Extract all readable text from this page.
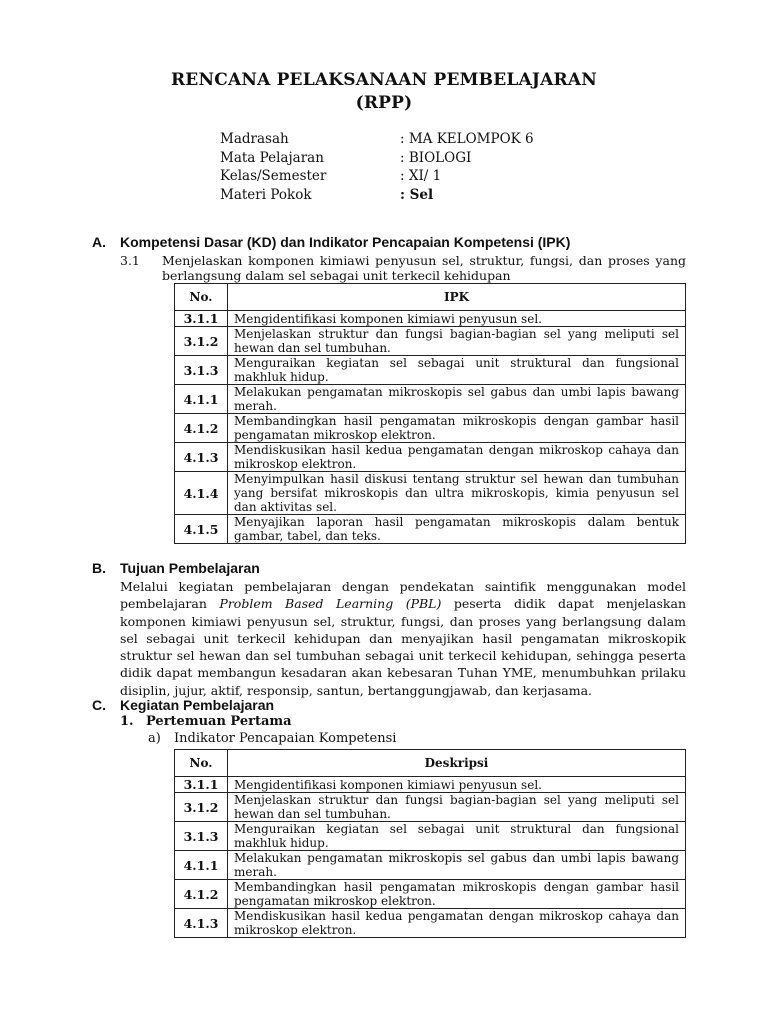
RENCANA PELAKSANAAN PEMBELAJARAN
(RPP)
Madrasah	: MA KELOMPOK 6
Mata Pelajaran	: BIOLOGI
Kelas/Semester	: XI/ 1
Materi Pokok	: Sel
A. Kompetensi Dasar (KD) dan Indikator Pencapaian Kompetensi (IPK)
3.1 Menjelaskan komponen kimiawi penyusun sel, struktur, fungsi, dan proses yang berlangsung dalam sel sebagai unit terkecil kehidupan
No.	IPK
3.1.1	Mengidentifikasi komponen kimiawi penyusun sel.
3.1.2	Menjelaskan struktur dan fungsi bagian-bagian sel yang meliputi sel hewan dan sel tumbuhan.
3.1.3	Menguraikan kegiatan sel sebagai unit struktural dan fungsional makhluk hidup.
4.1.1	Melakukan pengamatan mikroskopis sel gabus dan umbi lapis bawang merah.
4.1.2	Membandingkan hasil pengamatan mikroskopis dengan gambar hasil pengamatan mikroskop elektron.
4.1.3	Mendiskusikan hasil kedua pengamatan dengan mikroskop cahaya dan mikroskop elektron.
4.1.4	Menyimpulkan hasil diskusi tentang struktur sel hewan dan tumbuhan yang bersifat mikroskopis dan ultra mikroskopis, kimia penyusun sel dan aktivitas sel.
4.1.5	Menyajikan laporan hasil pengamatan mikroskopis dalam bentuk gambar, tabel, dan teks.
B. Tujuan Pembelajaran
Melalui kegiatan pembelajaran dengan pendekatan saintifik menggunakan model pembelajaran Problem Based Learning (PBL) peserta didik dapat menjelaskan komponen kimiawi penyusun sel, struktur, fungsi, dan proses yang berlangsung dalam sel sebagai unit terkecil kehidupan dan menyajikan hasil pengamatan mikroskopik struktur sel hewan dan sel tumbuhan sebagai unit terkecil kehidupan, sehingga peserta didik dapat membangun kesadaran akan kebesaran Tuhan YME, menumbuhkan prilaku disiplin, jujur, aktif, responsip, santun, bertanggungjawab, dan kerjasama.
C. Kegiatan Pembelajaran
1. Pertemuan Pertama
a) Indikator Pencapaian Kompetensi
No.	Deskripsi
3.1.1	Mengidentifikasi komponen kimiawi penyusun sel.
3.1.2	Menjelaskan struktur dan fungsi bagian-bagian sel yang meliputi sel hewan dan sel tumbuhan.
3.1.3	Menguraikan kegiatan sel sebagai unit struktural dan fungsional makhluk hidup.
4.1.1	Melakukan pengamatan mikroskopis sel gabus dan umbi lapis bawang merah.
4.1.2	Membandingkan hasil pengamatan mikroskopis dengan gambar hasil pengamatan mikroskop elektron.
4.1.3	Mendiskusikan hasil kedua pengamatan dengan mikroskop cahaya dan mikroskop elektron.
